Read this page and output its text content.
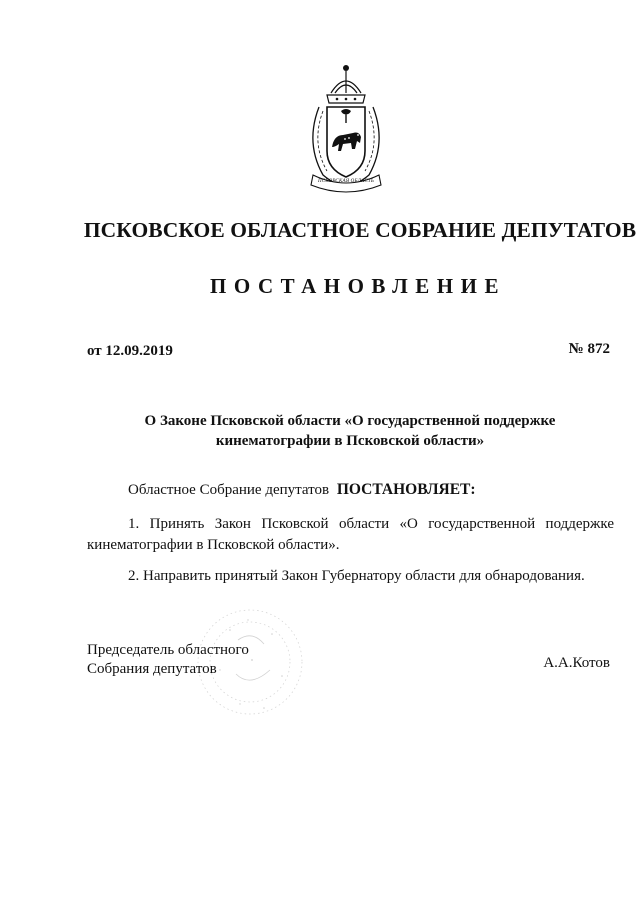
ПСКОВСКАЯ ОБЛАСТЬ
ПСКОВСКОЕ ОБЛАСТНОЕ СОБРАНИЕ ДЕПУТАТОВ
ПОСТАНОВЛЕНИЕ
от 12.09.2019	№ 872
О Законе Псковской области «О государственной поддержке
кинематографии в Псковской области»
Областное Собрание депутатов ПОСТАНОВЛЯЕТ:
1. Принять Закон Псковской области «О государственной поддержке кинематографии в Псковской области».
2. Направить принятый Закон Губернатору области для обнародования.
Председатель областного
Собрания депутатов	А.А.Котов
